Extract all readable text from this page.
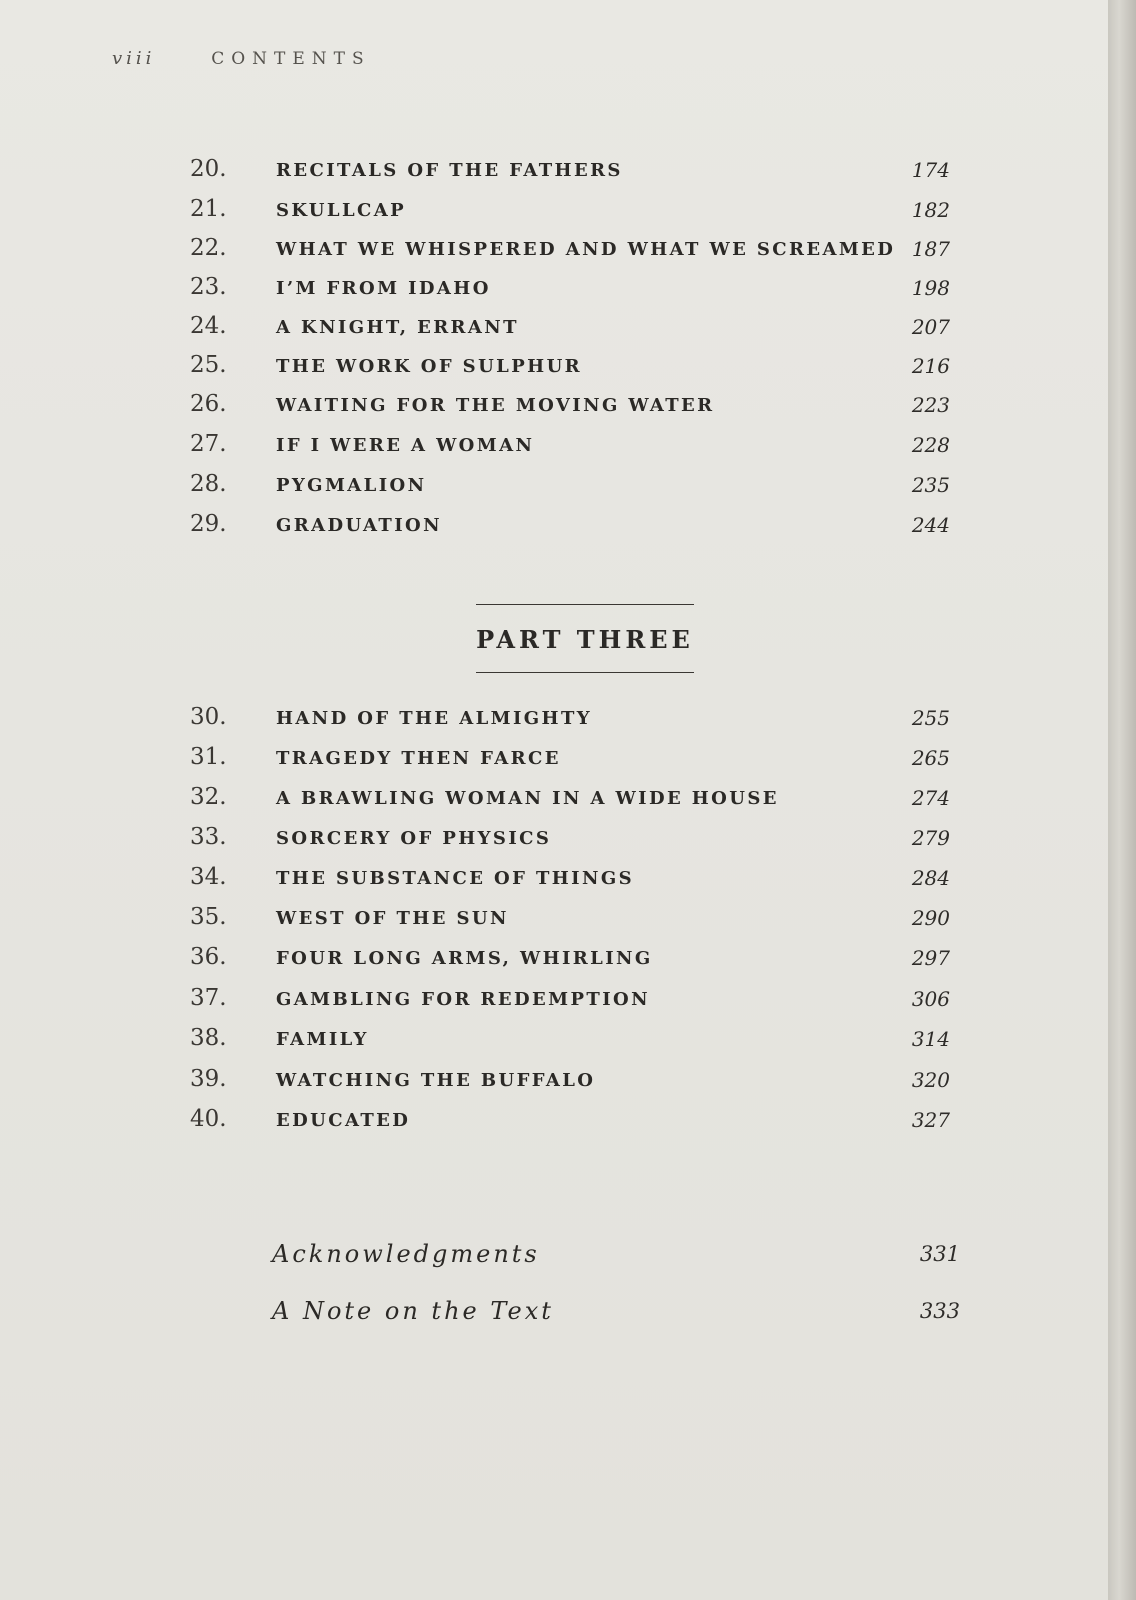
viii	CONTENTS
20.	RECITALS OF THE FATHERS	174
21.	SKULLCAP	182
22.	WHAT WE WHISPERED AND WHAT WE SCREAMED 187
23.	I’M FROM IDAHO	198
24.	A KNIGHT, ERRANT	207
25.	THE WORK OF SULPHUR	216
26.	WAITING FOR THE MOVING WATER	223
27.	IF I WERE A WOMAN	228
28.	PYGMALION	235
29.	GRADUATION	244
PART THREE
30.	HAND OF THE ALMIGHTY	255
31.	TRAGEDY THEN FARCE	265
32.	A BRAWLING WOMAN IN A WIDE HOUSE	274
33.	SORCERY OF PHYSICS	279
34.	THE SUBSTANCE OF THINGS	284
35.	WEST OF THE SUN	290
36.	FOUR LONG ARMS, WHIRLING	297
37.	GAMBLING FOR REDEMPTION	306
38.	FAMILY	314
39.	WATCHING THE BUFFALO	320
40.	EDUCATED	327
Acknowledgments	331
A Note on the Text	333
